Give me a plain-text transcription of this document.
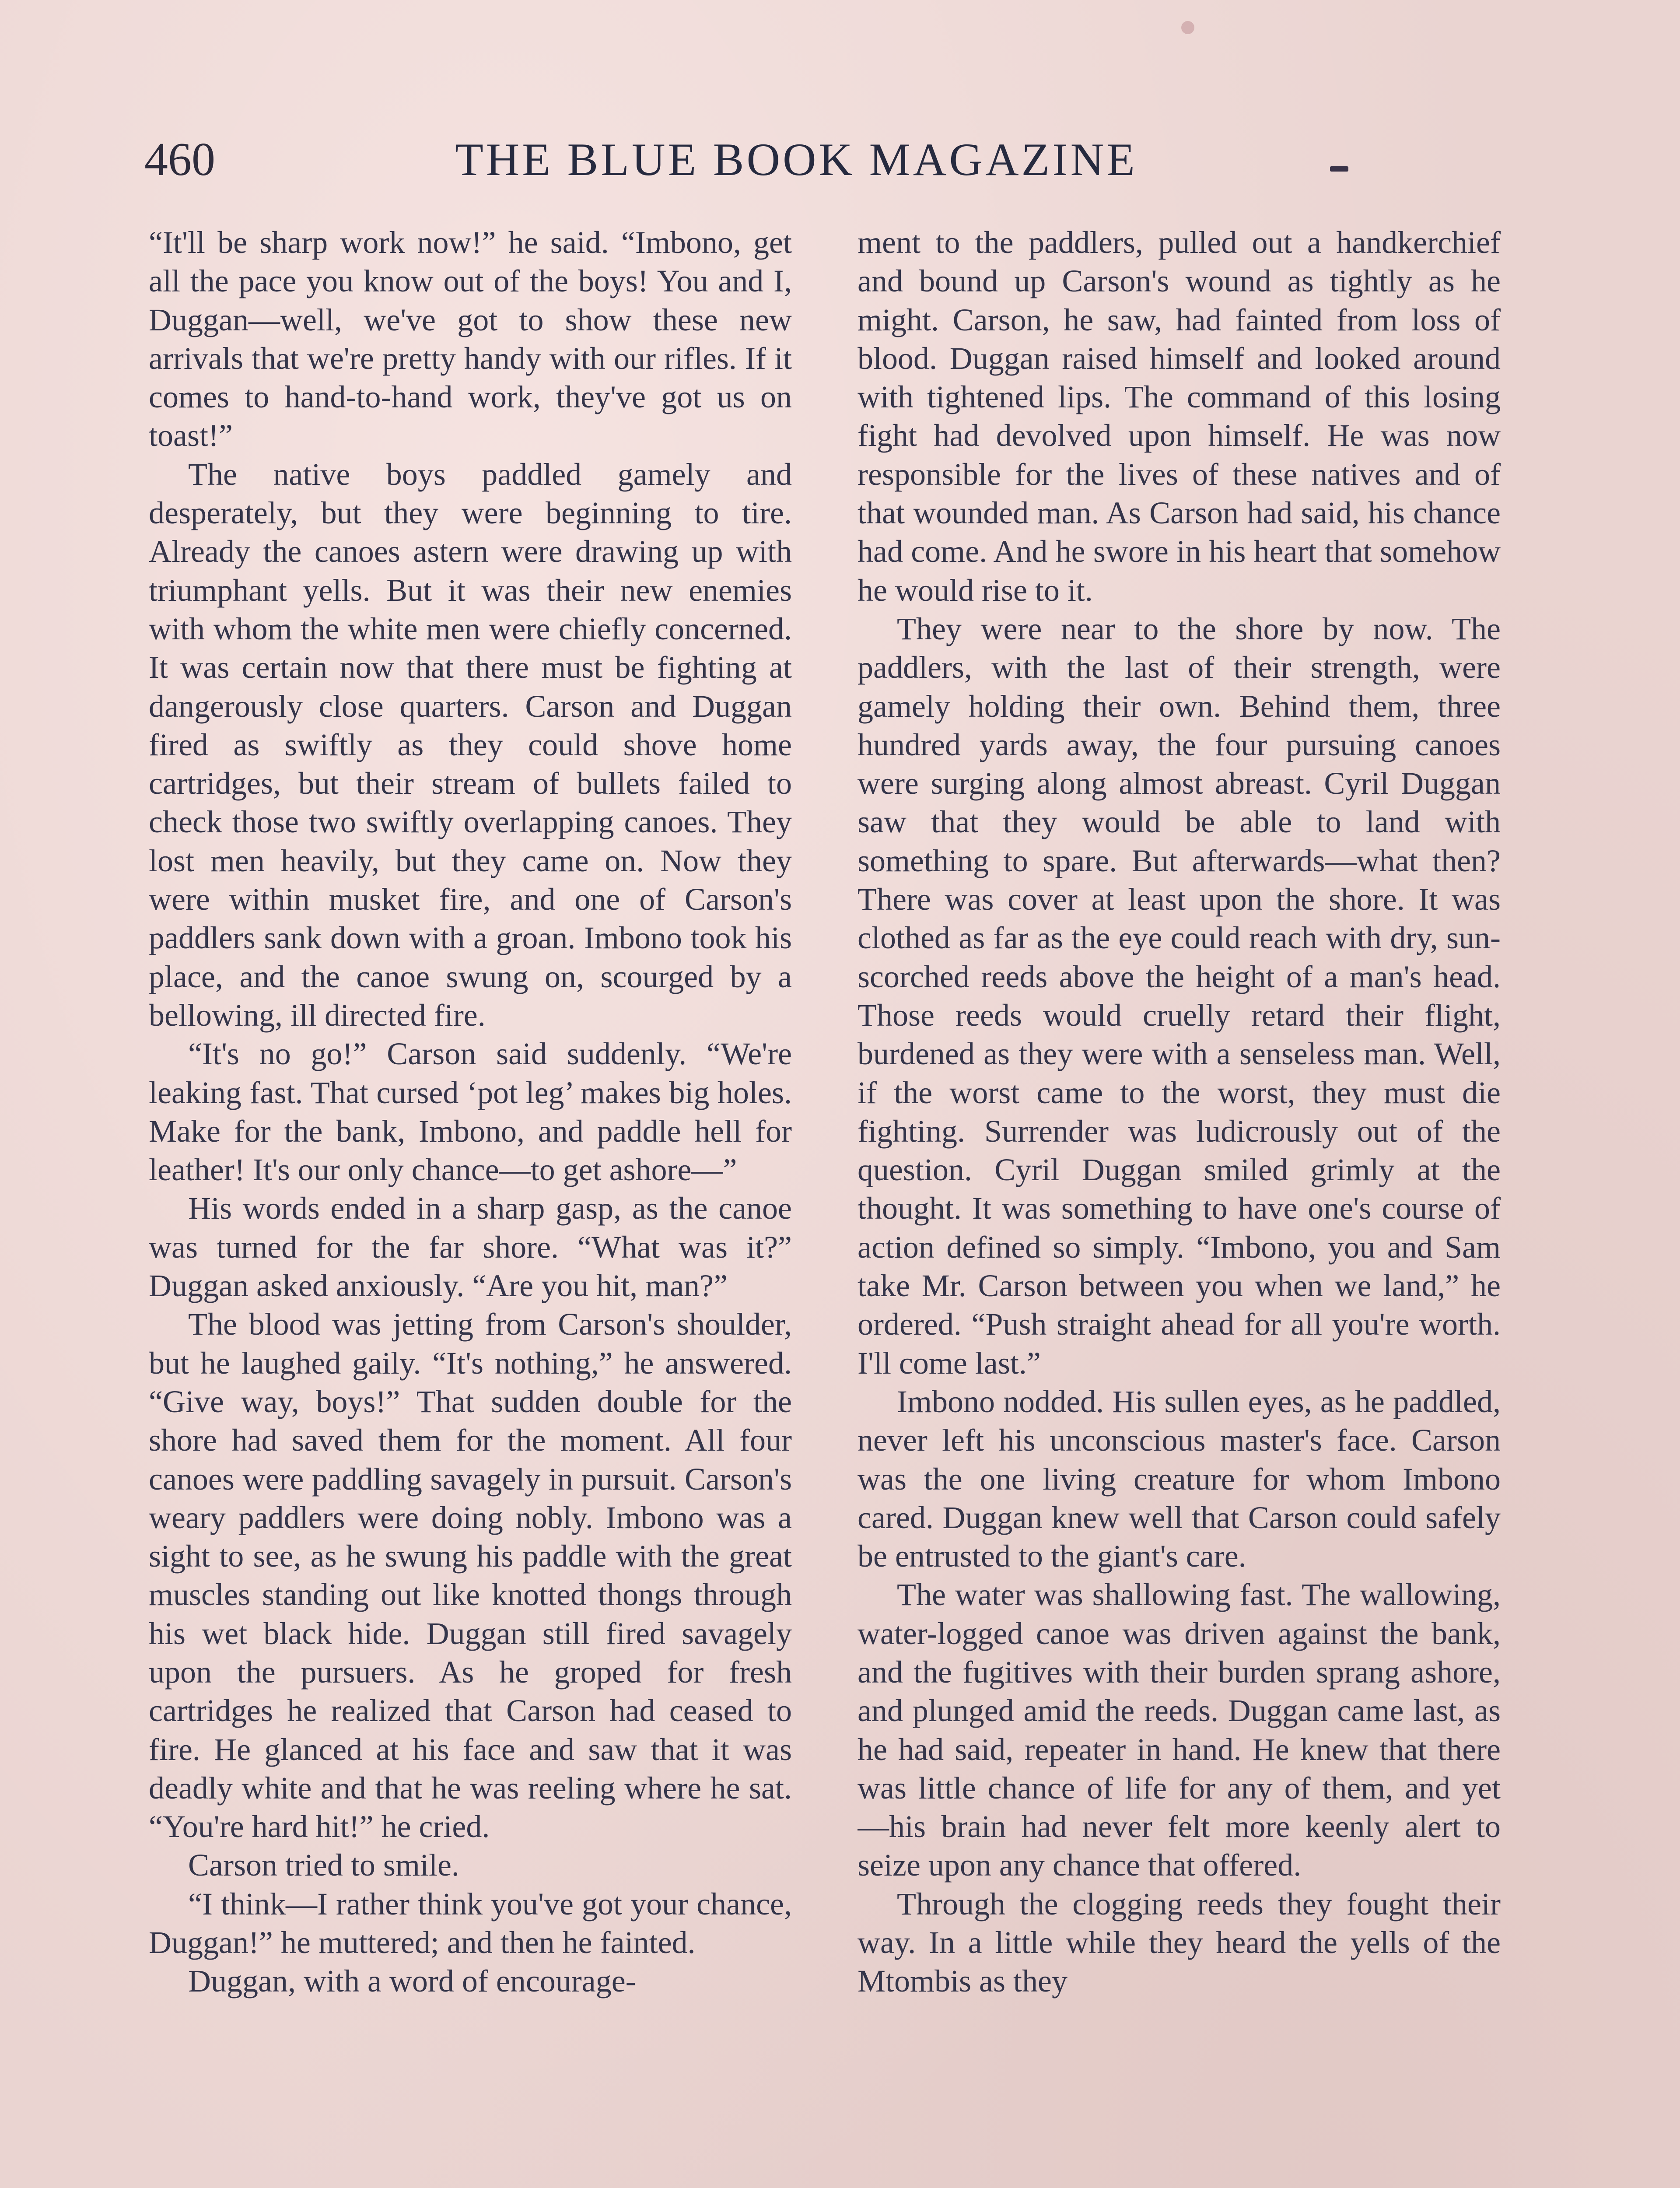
460	THE BLUE BOOK MAGAZINE

“It'll be sharp work now!” he said. “Imbono, get all the pace you know out of the boys! You and I, Duggan—well, we've got to show these new arrivals that we're pretty handy with our rifles. If it comes to hand-to-hand work, they've got us on toast!”

The native boys paddled gamely and desperately, but they were beginning to tire. Already the canoes astern were drawing up with triumphant yells. But it was their new enemies with whom the white men were chiefly concerned. It was certain now that there must be fighting at dangerously close quarters. Carson and Duggan fired as swiftly as they could shove home cartridges, but their stream of bullets failed to check those two swiftly overlapping canoes. They lost men heavily, but they came on. Now they were within musket fire, and one of Carson's paddlers sank down with a groan. Imbono took his place, and the canoe swung on, scourged by a bellowing, ill directed fire.

“It's no go!” Carson said suddenly. “We're leaking fast. That cursed ‘pot leg’ makes big holes. Make for the bank, Imbono, and paddle hell for leather! It's our only chance—to get ashore—”

His words ended in a sharp gasp, as the canoe was turned for the far shore. “What was it?” Duggan asked anxiously. “Are you hit, man?”

The blood was jetting from Carson's shoulder, but he laughed gaily. “It's nothing,” he answered. “Give way, boys!” That sudden double for the shore had saved them for the moment. All four canoes were paddling savagely in pursuit. Carson's weary paddlers were doing nobly. Imbono was a sight to see, as he swung his paddle with the great muscles standing out like knotted thongs through his wet black hide. Duggan still fired savagely upon the pursuers. As he groped for fresh cartridges he realized that Carson had ceased to fire. He glanced at his face and saw that it was deadly white and that he was reeling where he sat. “You're hard hit!” he cried.

Carson tried to smile.

“I think—I rather think you've got your chance, Duggan!” he muttered; and then he fainted.

Duggan, with a word of encourage-

ment to the paddlers, pulled out a handkerchief and bound up Carson's wound as tightly as he might. Carson, he saw, had fainted from loss of blood. Duggan raised himself and looked around with tightened lips. The command of this losing fight had devolved upon himself. He was now responsible for the lives of these natives and of that wounded man. As Carson had said, his chance had come. And he swore in his heart that somehow he would rise to it.

They were near to the shore by now. The paddlers, with the last of their strength, were gamely holding their own. Behind them, three hundred yards away, the four pursuing canoes were surging along almost abreast. Cyril Duggan saw that they would be able to land with something to spare. But afterwards—what then? There was cover at least upon the shore. It was clothed as far as the eye could reach with dry, sun-scorched reeds above the height of a man's head. Those reeds would cruelly retard their flight, burdened as they were with a senseless man. Well, if the worst came to the worst, they must die fighting. Surrender was ludicrously out of the question. Cyril Duggan smiled grimly at the thought. It was something to have one's course of action defined so simply. “Imbono, you and Sam take Mr. Carson between you when we land,” he ordered. “Push straight ahead for all you're worth. I'll come last.”

Imbono nodded. His sullen eyes, as he paddled, never left his unconscious master's face. Carson was the one living creature for whom Imbono cared. Duggan knew well that Carson could safely be entrusted to the giant's care.

The water was shallowing fast. The wallowing, water-logged canoe was driven against the bank, and the fugitives with their burden sprang ashore, and plunged amid the reeds. Duggan came last, as he had said, repeater in hand. He knew that there was little chance of life for any of them, and yet —his brain had never felt more keenly alert to seize upon any chance that offered.

Through the clogging reeds they fought their way. In a little while they heard the yells of the Mtombis as they
